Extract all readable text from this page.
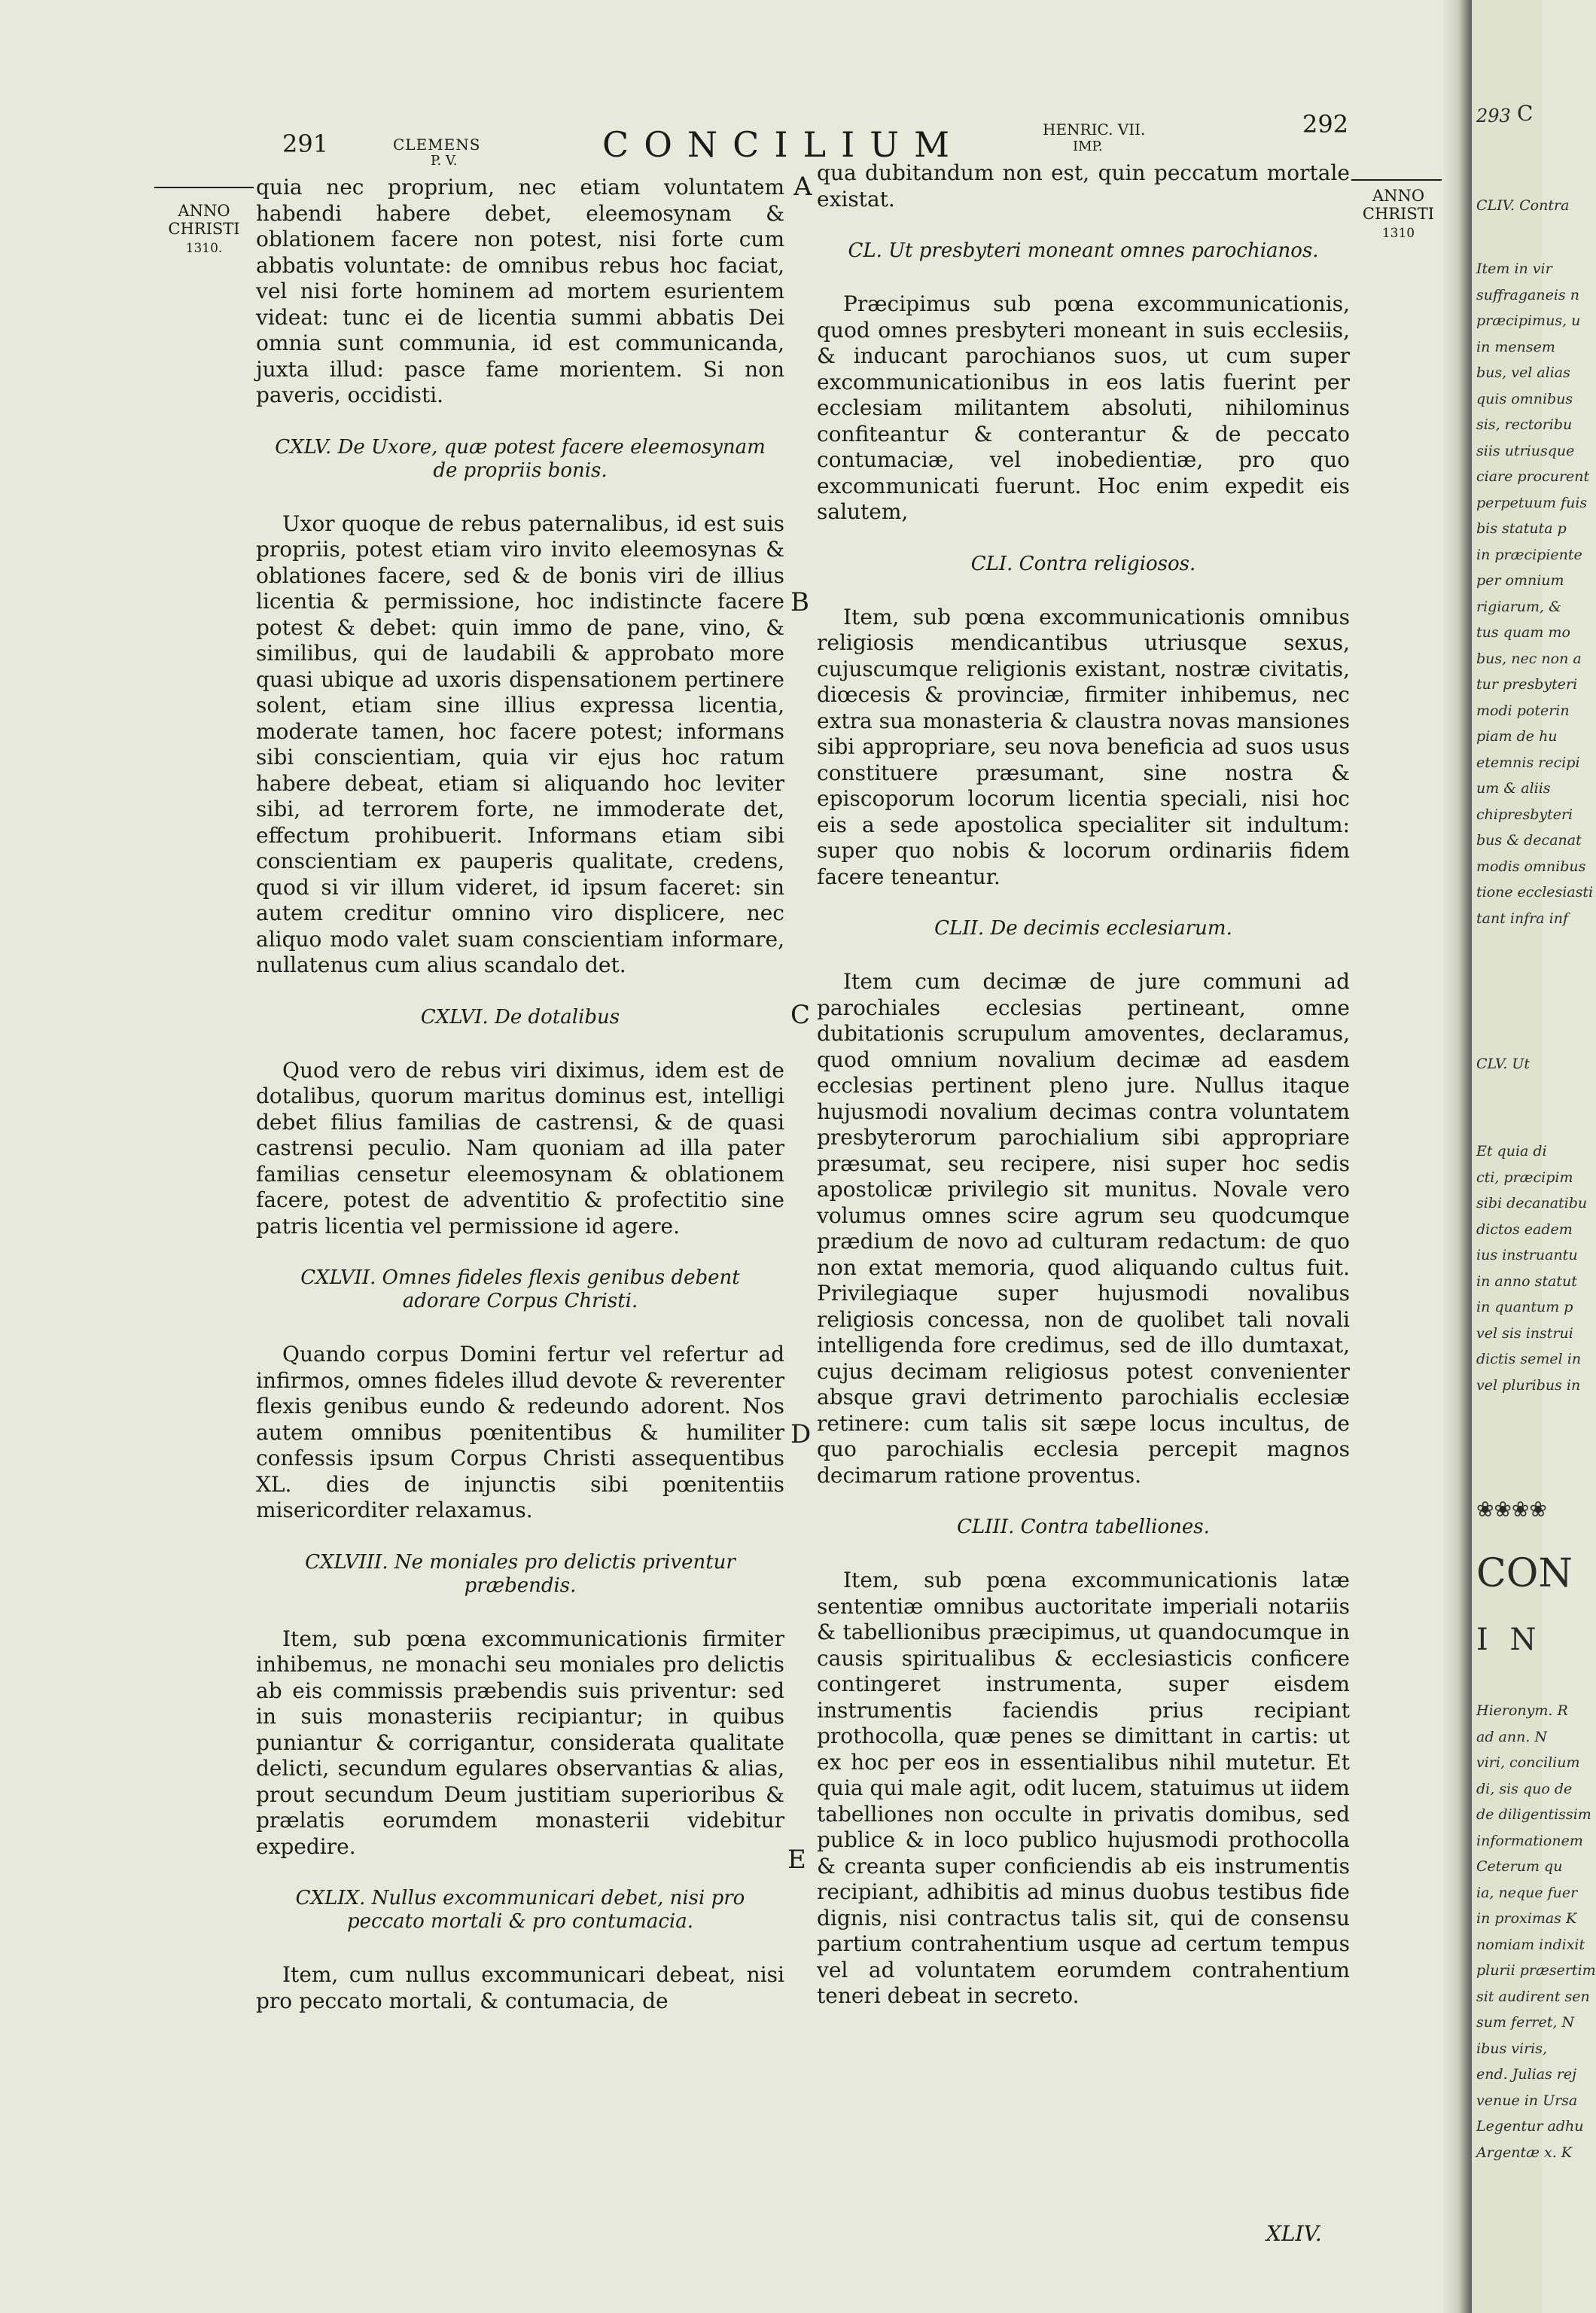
291	CLEMENS
P. V.	CONCILIUM	HENRIC. VII.
IMP.
292
ANNO
CHRISTI
1310.
ANNO
CHRISTI
1310
A
B
C
D
E

quia nec proprium, nec etiam voluntatem habendi habere debet, eleemosynam & oblationem facere non potest, nisi forte cum abbatis voluntate: de omnibus rebus hoc faciat, vel nisi forte hominem ad mortem esurientem videat: tunc ei de licentia summi abbatis Dei omnia sunt communia, id est communicanda, juxta illud: pasce fame morientem. Si non paveris, occidisti.

CXLV. De Uxore, quæ potest facere eleemosynam de propriis bonis.

Uxor quoque de rebus paternalibus, id est suis propriis, potest etiam viro invito eleemosynas & oblationes facere, sed & de bonis viri de illius licentia & permissione, hoc indistincte facere potest & debet: quin immo de pane, vino, & similibus, qui de laudabili & approbato more quasi ubique ad uxoris dispensationem pertinere solent, etiam sine illius expressa licentia, moderate tamen, hoc facere potest; informans sibi conscientiam, quia vir ejus hoc ratum habere debeat, etiam si aliquando hoc leviter sibi, ad terrorem forte, ne immoderate det, effectum prohibuerit. Informans etiam sibi conscientiam ex pauperis qualitate, credens, quod si vir illum videret, id ipsum faceret: sin autem creditur omnino viro displicere, nec aliquo modo valet suam conscientiam informare, nullatenus cum alius scandalo det.

CXLVI. De dotalibus

Quod vero de rebus viri diximus, idem est de dotalibus, quorum maritus dominus est, intelligi debet filius familias de castrensi, & de quasi castrensi peculio. Nam quoniam ad illa pater familias censetur eleemosynam & oblationem facere, potest de adventitio & profectitio sine patris licentia vel permissione id agere.

CXLVII. Omnes fideles flexis genibus debent adorare Corpus Christi.

Quando corpus Domini fertur vel refertur ad infirmos, omnes fideles illud devote & reverenter flexis genibus eundo & redeundo adorent. Nos autem omnibus pœnitentibus & humiliter confessis ipsum Corpus Christi assequentibus XL. dies de injunctis sibi pœnitentiis misericorditer relaxamus.

CXLVIII. Ne moniales pro delictis priventur præbendis.

Item, sub pœna excommunicationis firmiter inhibemus, ne monachi seu moniales pro delictis ab eis commissis præbendis suis priventur: sed in suis monasteriis recipiantur; in quibus puniantur & corrigantur, considerata qualitate delicti, secundum egulares observantias & alias, prout secundum Deum justitiam superioribus & prælatis eorumdem monasterii videbitur expedire.

CXLIX. Nullus excommunicari debet, nisi pro peccato mortali & pro contumacia.

Item, cum nullus excommunicari debeat, nisi pro peccato mortali, & contumacia, de

qua dubitandum non est, quin peccatum mortale existat.

CL. Ut presbyteri moneant omnes parochianos.

Præcipimus sub pœna excommunicationis, quod omnes presbyteri moneant in suis ecclesiis, & inducant parochianos suos, ut cum super excommunicationibus in eos latis fuerint per ecclesiam militantem absoluti, nihilominus confiteantur & conterantur & de peccato contumaciæ, vel inobedientiæ, pro quo excommunicati fuerunt. Hoc enim expedit eis salutem,

CLI. Contra religiosos.

Item, sub pœna excommunicationis omnibus religiosis mendicantibus utriusque sexus, cujuscumque religionis existant, nostræ civitatis, diœcesis & provinciæ, firmiter inhibemus, nec extra sua monasteria & claustra novas mansiones sibi appropriare, seu nova beneficia ad suos usus constituere præsumant, sine nostra & episcoporum locorum licentia speciali, nisi hoc eis a sede apostolica specialiter sit indultum: super quo nobis & locorum ordinariis fidem facere teneantur.

CLII. De decimis ecclesiarum.

Item cum decimæ de jure communi ad parochiales ecclesias pertineant, omne dubitationis scrupulum amoventes, declaramus, quod omnium novalium decimæ ad easdem ecclesias pertinent pleno jure. Nullus itaque hujusmodi novalium decimas contra voluntatem presbyterorum parochialium sibi appropriare præsumat, seu recipere, nisi super hoc sedis apostolicæ privilegio sit munitus. Novale vero volumus omnes scire agrum seu quodcumque prædium de novo ad culturam redactum: de quo non extat memoria, quod aliquando cultus fuit. Privilegiaque super hujusmodi novalibus religiosis concessa, non de quolibet tali novali intelligenda fore credimus, sed de illo dumtaxat, cujus decimam religiosus potest convenienter absque gravi detrimento parochialis ecclesiæ retinere: cum talis sit sæpe locus incultus, de quo parochialis ecclesia percepit magnos decimarum ratione proventus.

CLIII. Contra tabelliones.

Item, sub pœna excommunicationis latæ sententiæ omnibus auctoritate imperiali notariis & tabellionibus præcipimus, ut quandocumque in causis spiritualibus & ecclesiasticis conficere contingeret instrumenta, super eisdem instrumentis faciendis prius recipiant prothocolla, quæ penes se dimittant in cartis: ut ex hoc per eos in essentialibus nihil mutetur. Et quia qui male agit, odit lucem, statuimus ut iidem tabelliones non occulte in privatis domibus, sed publice & in loco publico hujusmodi prothocolla & creanta super conficiendis ab eis instrumentis recipiant, adhibitis ad minus duobus testibus fide dignis, nisi contractus talis sit, qui de consensu partium contrahentium usque ad certum tempus vel ad voluntatem eorumdem contrahentium teneri debeat in secreto.

XLIV.
293 C
CLIV. Contra
Item in vir
suffraganeis n
præcipimus, u
in mensem
bus, vel alias
quis omnibus
sis, rectoribu
siis utriusque
ciare procurent
perpetuum fuis
bis statuta p
in præcipiente
per omnium
rigiarum, &
tus quam mo
bus, nec non a
tur presbyteri
modi poterin
piam de hu
etemnis recipi
um & aliis
chipresbyteri
bus & decanat
modis omnibus
tione ecclesiasti
tant infra inf
CLV. Ut
Et quia di
cti, præcipim
sibi decanatibu
dictos eadem
ius instruantu
in anno statut
in quantum p
vel sis instrui
dictis semel in
vel pluribus in
❀❀❀❀
CON
I N
Hieronym. R
ad ann. N
viri, concilium
di, sis quo de
de diligentissim
informationem
Ceterum qu
ia, neque fuer
in proximas K
nomiam indixit
plurii præsertim
sit audirent sen
sum ferret, N
ibus viris,
end. Julias rej
venue in Ursa
Legentur adhu
Argentæ x. K
